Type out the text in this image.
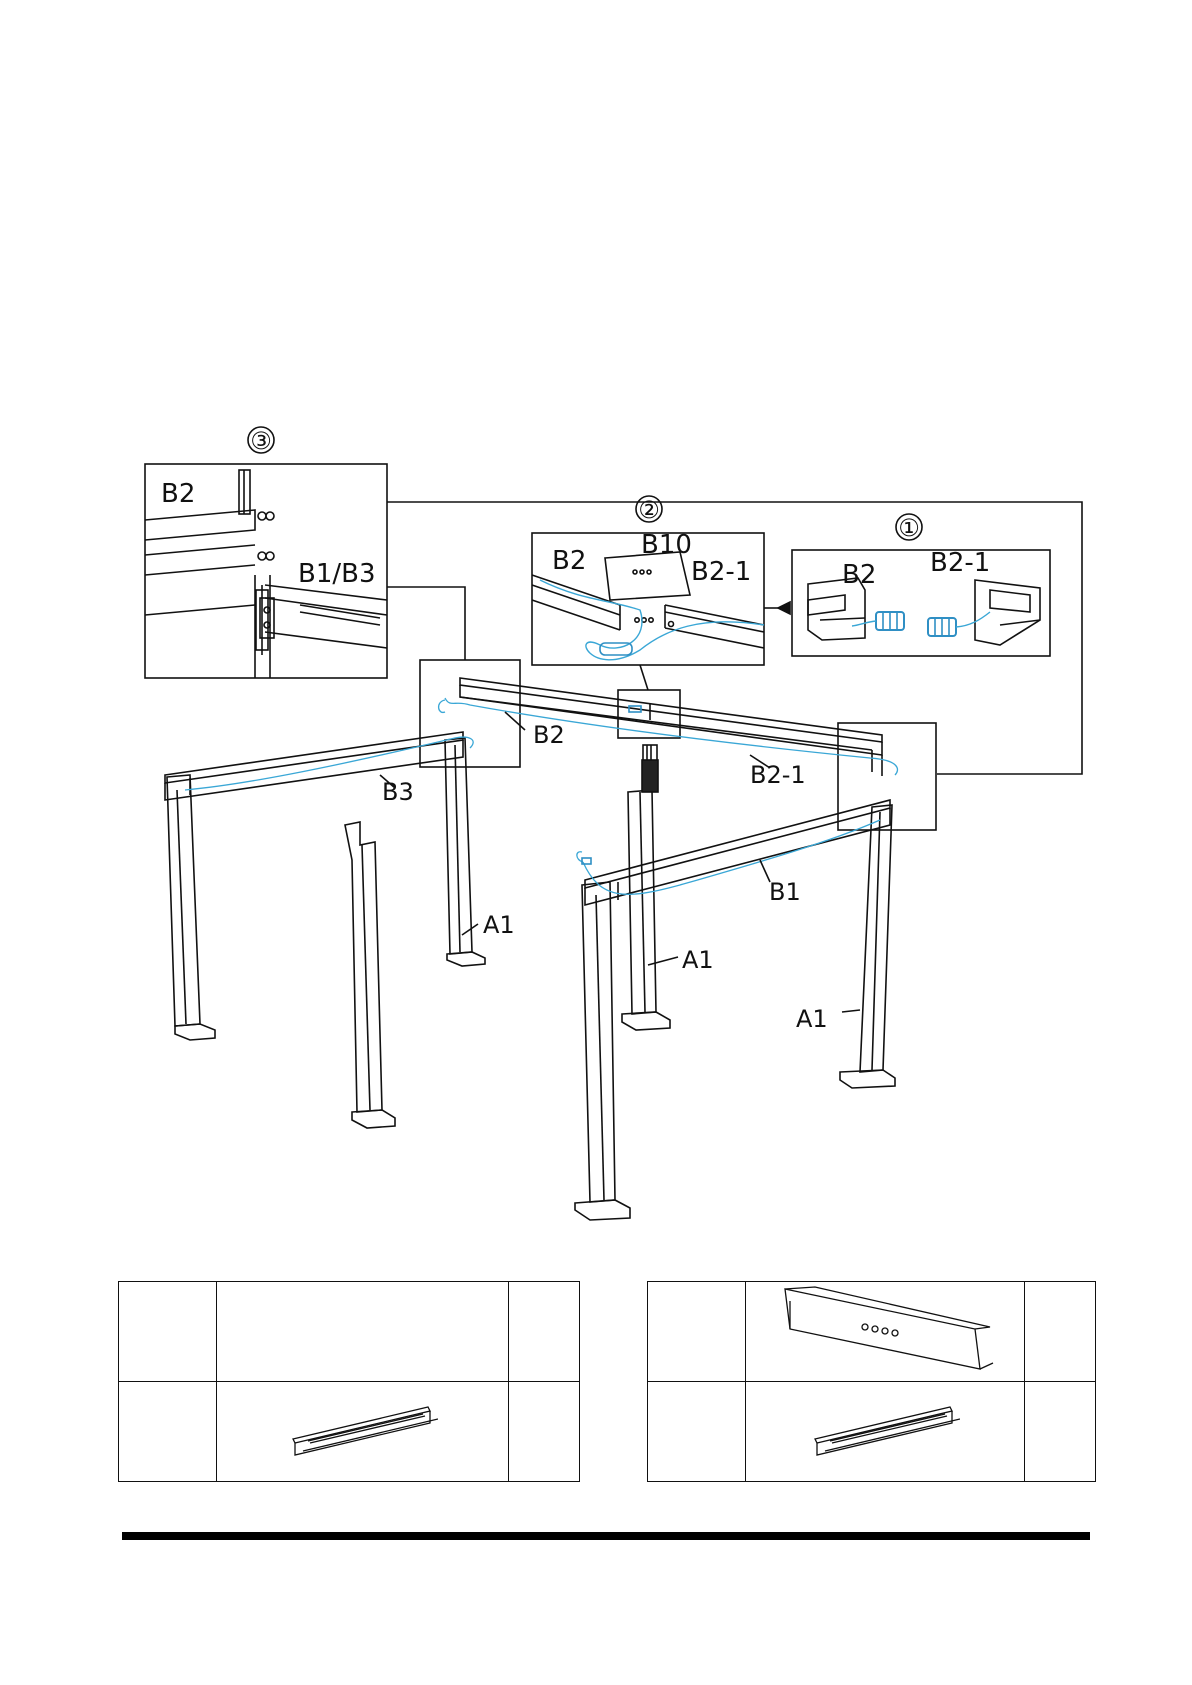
③
②
①
B2
B1/B3	B2
B10
B2-1	B2 B2-1
B2
B2-1
B3
B1
A1
A1
A1
